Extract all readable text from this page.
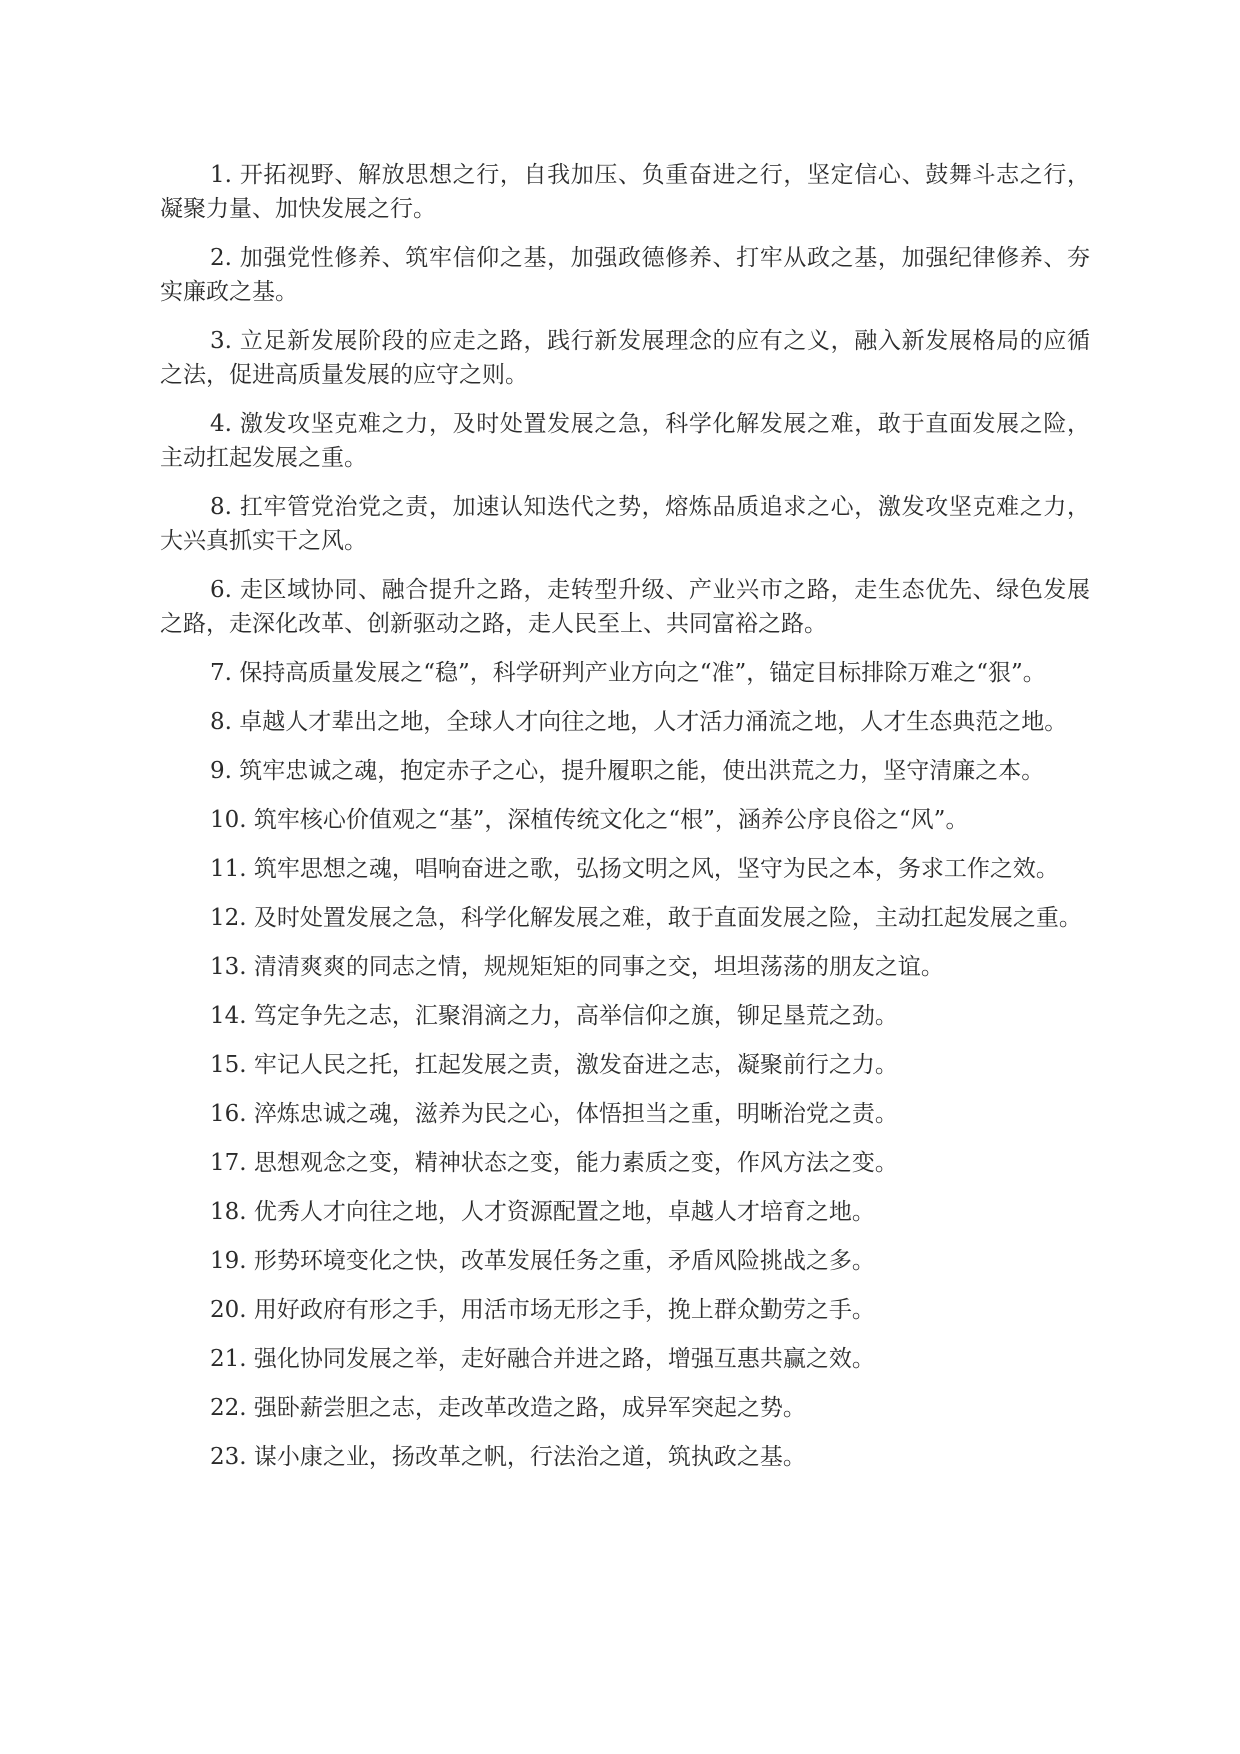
1. 开拓视野、解放思想之行，自我加压、负重奋进之行，坚定信心、鼓舞斗志之行，凝聚力量、加快发展之行。

2. 加强党性修养、筑牢信仰之基，加强政德修养、打牢从政之基，加强纪律修养、夯实廉政之基。

3. 立足新发展阶段的应走之路，践行新发展理念的应有之义，融入新发展格局的应循之法，促进高质量发展的应守之则。

4. 激发攻坚克难之力，及时处置发展之急，科学化解发展之难，敢于直面发展之险，主动扛起发展之重。

8. 扛牢管党治党之责，加速认知迭代之势，熔炼品质追求之心，激发攻坚克难之力，大兴真抓实干之风。

6. 走区域协同、融合提升之路，走转型升级、产业兴市之路，走生态优先、绿色发展之路，走深化改革、创新驱动之路，走人民至上、共同富裕之路。

7. 保持高质量发展之“稳”，科学研判产业方向之“准”，锚定目标排除万难之“狠”。

8. 卓越人才辈出之地，全球人才向往之地，人才活力涌流之地，人才生态典范之地。

9. 筑牢忠诚之魂，抱定赤子之心，提升履职之能，使出洪荒之力，坚守清廉之本。

10. 筑牢核心价值观之“基”，深植传统文化之“根”，涵养公序良俗之“风”。

11. 筑牢思想之魂，唱响奋进之歌，弘扬文明之风，坚守为民之本，务求工作之效。

12. 及时处置发展之急，科学化解发展之难，敢于直面发展之险，主动扛起发展之重。

13. 清清爽爽的同志之情，规规矩矩的同事之交，坦坦荡荡的朋友之谊。

14. 笃定争先之志，汇聚涓滴之力，高举信仰之旗，铆足垦荒之劲。

15. 牢记人民之托，扛起发展之责，激发奋进之志，凝聚前行之力。

16. 淬炼忠诚之魂，滋养为民之心，体悟担当之重，明晰治党之责。

17. 思想观念之变，精神状态之变，能力素质之变，作风方法之变。

18. 优秀人才向往之地，人才资源配置之地，卓越人才培育之地。

19. 形势环境变化之快，改革发展任务之重，矛盾风险挑战之多。

20. 用好政府有形之手，用活市场无形之手，挽上群众勤劳之手。

21. 强化协同发展之举，走好融合并进之路，增强互惠共赢之效。

22. 强卧薪尝胆之志，走改革改造之路，成异军突起之势。

23. 谋小康之业，扬改革之帆，行法治之道，筑执政之基。
